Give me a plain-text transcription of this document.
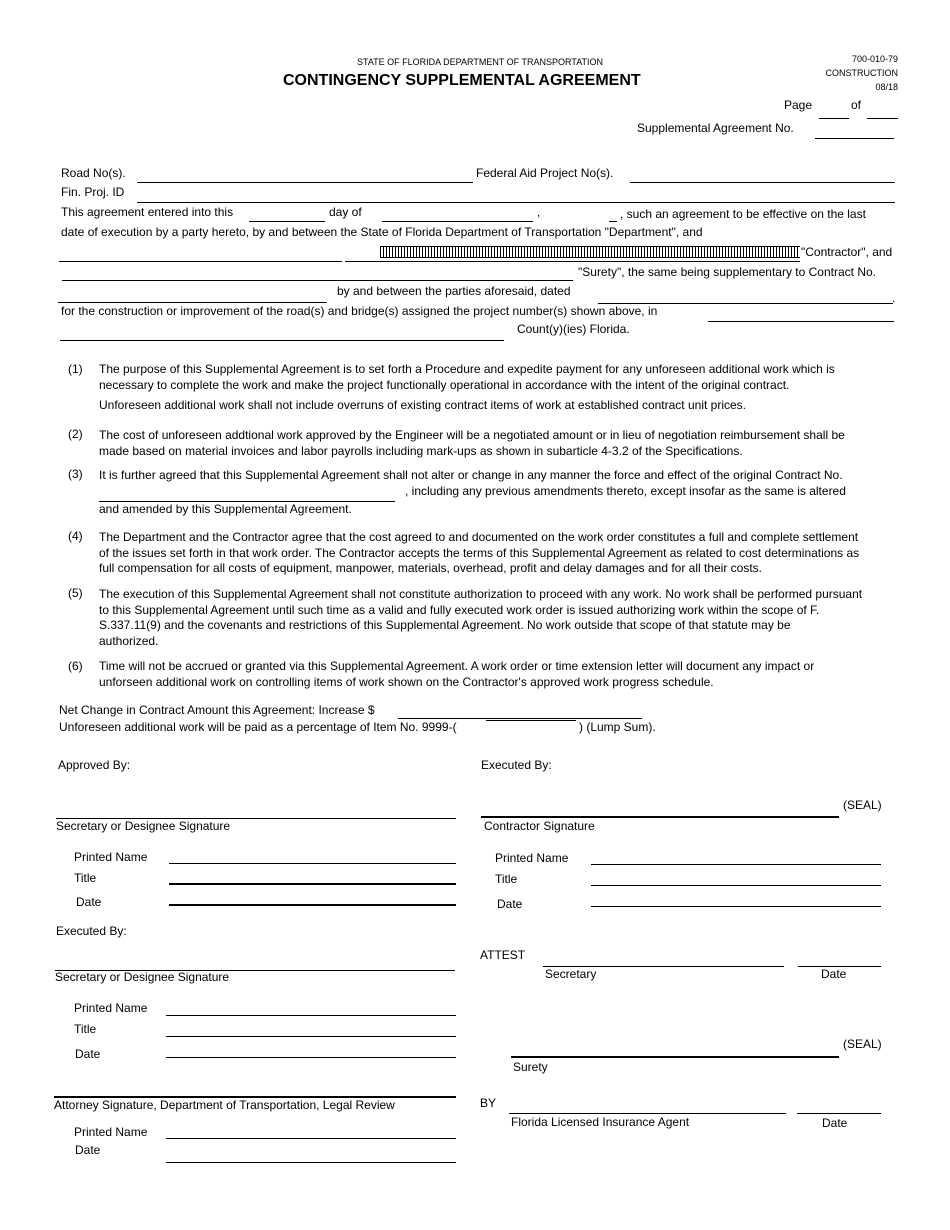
STATE OF FLORIDA DEPARTMENT OF TRANSPORTATION
CONTINGENCY SUPPLEMENTAL AGREEMENT
700-010-79
CONSTRUCTION
08/18
Page	of
Supplemental Agreement No.
Road No(s).	Federal Aid Project No(s).
Fin. Proj. ID
This agreement entered into this	day of	,	, such an agreement to be effective on the last
date of execution by a party hereto, by and between the State of Florida Department of Transportation "Department", and
"Contractor", and
"Surety", the same being supplementary to Contract No.
by and between the parties aforesaid, dated	.
for the construction or improvement of the road(s) and bridge(s) assigned the project number(s) shown above, in
Count(y)(ies) Florida.
(1) The purpose of this Supplemental Agreement is to set forth a Procedure and expedite payment for any unforeseen additional work which is
necessary to complete the work and make the project functionally operational in accordance with the intent of the original contract.
Unforeseen additional work shall not include overruns of existing contract items of work at established contract unit prices.
(2) The cost of unforeseen addtional work approved by the Engineer will be a negotiated amount or in lieu of negotiation reimbursement shall be
made based on material invoices and labor payrolls including mark-ups as shown in subarticle 4-3.2 of the Specifications.
(3) It is further agreed that this Supplemental Agreement shall not alter or change in any manner the force and effect of the original Contract No.
, including any previous amendments thereto, except insofar as the same is altered
and amended by this Supplemental Agreement.
(4) The Department and the Contractor agree that the cost agreed to and documented on the work order constitutes a full and complete settlement
of the issues set forth in that work order. The Contractor accepts the terms of this Supplemental Agreement as related to cost determinations as
full compensation for all costs of equipment, manpower, materials, overhead, profit and delay damages and for all their costs.
(5) The execution of this Supplemental Agreement shall not constitute authorization to proceed with any work. No work shall be performed pursuant
to this Supplemental Agreement until such time as a valid and fully executed work order is issued authorizing work within the scope of F.
S.337.11(9) and the covenants and restrictions of this Supplemental Agreement. No work outside that scope of that statute may be
authorized.
(6) Time will not be accrued or granted via this Supplemental Agreement. A work order or time extension letter will document any impact or
unforseen additional work on controlling items of work shown on the Contractor's approved work progress schedule.
Net Change in Contract Amount this Agreement: Increase $
Unforeseen additional work will be paid as a percentage of Item No. 9999-(	) (Lump Sum).
Approved By:
Secretary or Designee Signature
Printed Name
Title
Date
Executed By:
Secretary or Designee Signature
Printed Name
Title
Date
Attorney Signature, Department of Transportation, Legal Review
Printed Name
Date
Executed By:
(SEAL)
Contractor Signature
Printed Name
Title
Date
ATTEST
Secretary	Date
(SEAL)
Surety
BY
Florida Licensed Insurance Agent	Date
